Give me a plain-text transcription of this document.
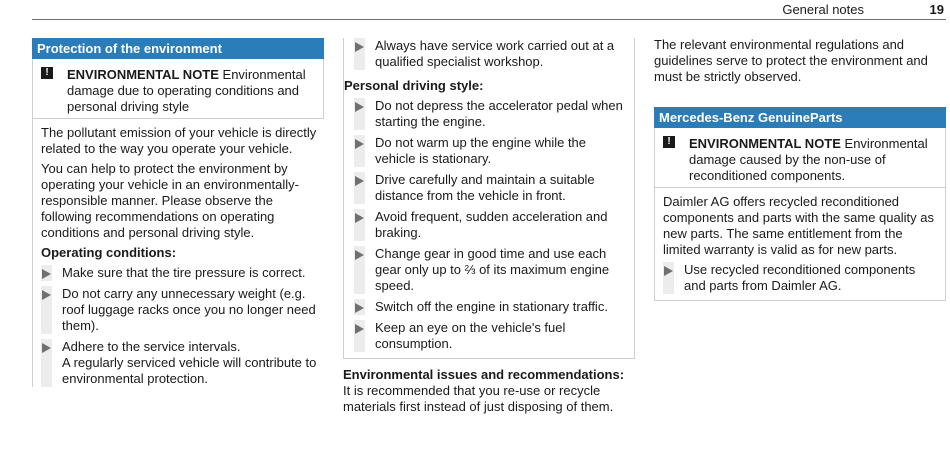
General notes	19
Protection of the environment
!	ENVIRONMENTAL NOTE Environmental damage due to operating conditions and personal driving style

The pollutant emission of your vehicle is directly related to the way you operate your vehicle.

You can help to protect the environment by operating your vehicle in an environmentally-responsible manner. Please observe the following recommendations on operating conditions and personal driving style.

Operating conditions:

Make sure that the tire pressure is correct.
Do not carry any unnecessary weight (e.g. roof luggage racks once you no longer need them).
Adhere to the service intervals.
A regularly serviced vehicle will contribute to environmental protection.
Always have service work carried out at a qualified specialist workshop.

Personal driving style:

Do not depress the accelerator pedal when starting the engine.
Do not warm up the engine while the vehicle is stationary.
Drive carefully and maintain a suitable distance from the vehicle in front.
Avoid frequent, sudden acceleration and braking.
Change gear in good time and use each gear only up to ⅔ of its maximum engine speed.
Switch off the engine in stationary traffic.
Keep an eye on the vehicle's fuel consumption.

Environmental issues and recommendations:

It is recommended that you re-use or recycle materials first instead of just disposing of them.

The relevant environmental regulations and guidelines serve to protect the environment and must be strictly observed.

Mercedes-Benz GenuineParts
!	ENVIRONMENTAL NOTE Environmental damage caused by the non-use of reconditioned components.

Daimler AG offers recycled reconditioned components and parts with the same quality as new parts. The same entitlement from the limited warranty is valid as for new parts.

Use recycled reconditioned components and parts from Daimler AG.
